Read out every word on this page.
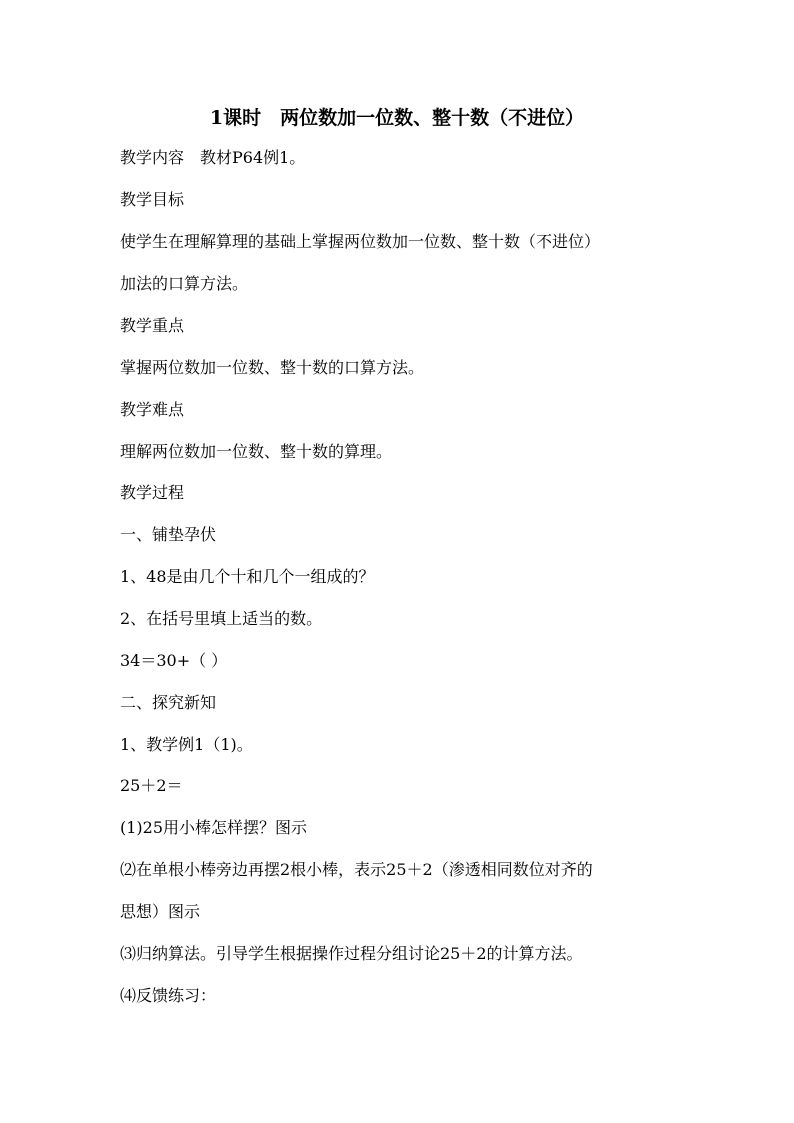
1课时　两位数加一位数、整十数（不进位）
教学内容　教材P64例1。
教学目标
使学生在理解算理的基础上掌握两位数加一位数、整十数（不进位）
加法的口算方法。
教学重点
掌握两位数加一位数、整十数的口算方法。
教学难点
理解两位数加一位数、整十数的算理。
教学过程
一、铺垫孕伏
1、48是由几个十和几个一组成的？
2、在括号里填上适当的数。
34＝30+（ ）
二、探究新知
1、教学例1（1)。
25＋2＝
(1)25用小棒怎样摆？图示
⑵在单根小棒旁边再摆2根小棒，表示25＋2（渗透相同数位对齐的
思想）图示
⑶归纳算法。引导学生根据操作过程分组讨论25＋2的计算方法。
⑷反馈练习：
